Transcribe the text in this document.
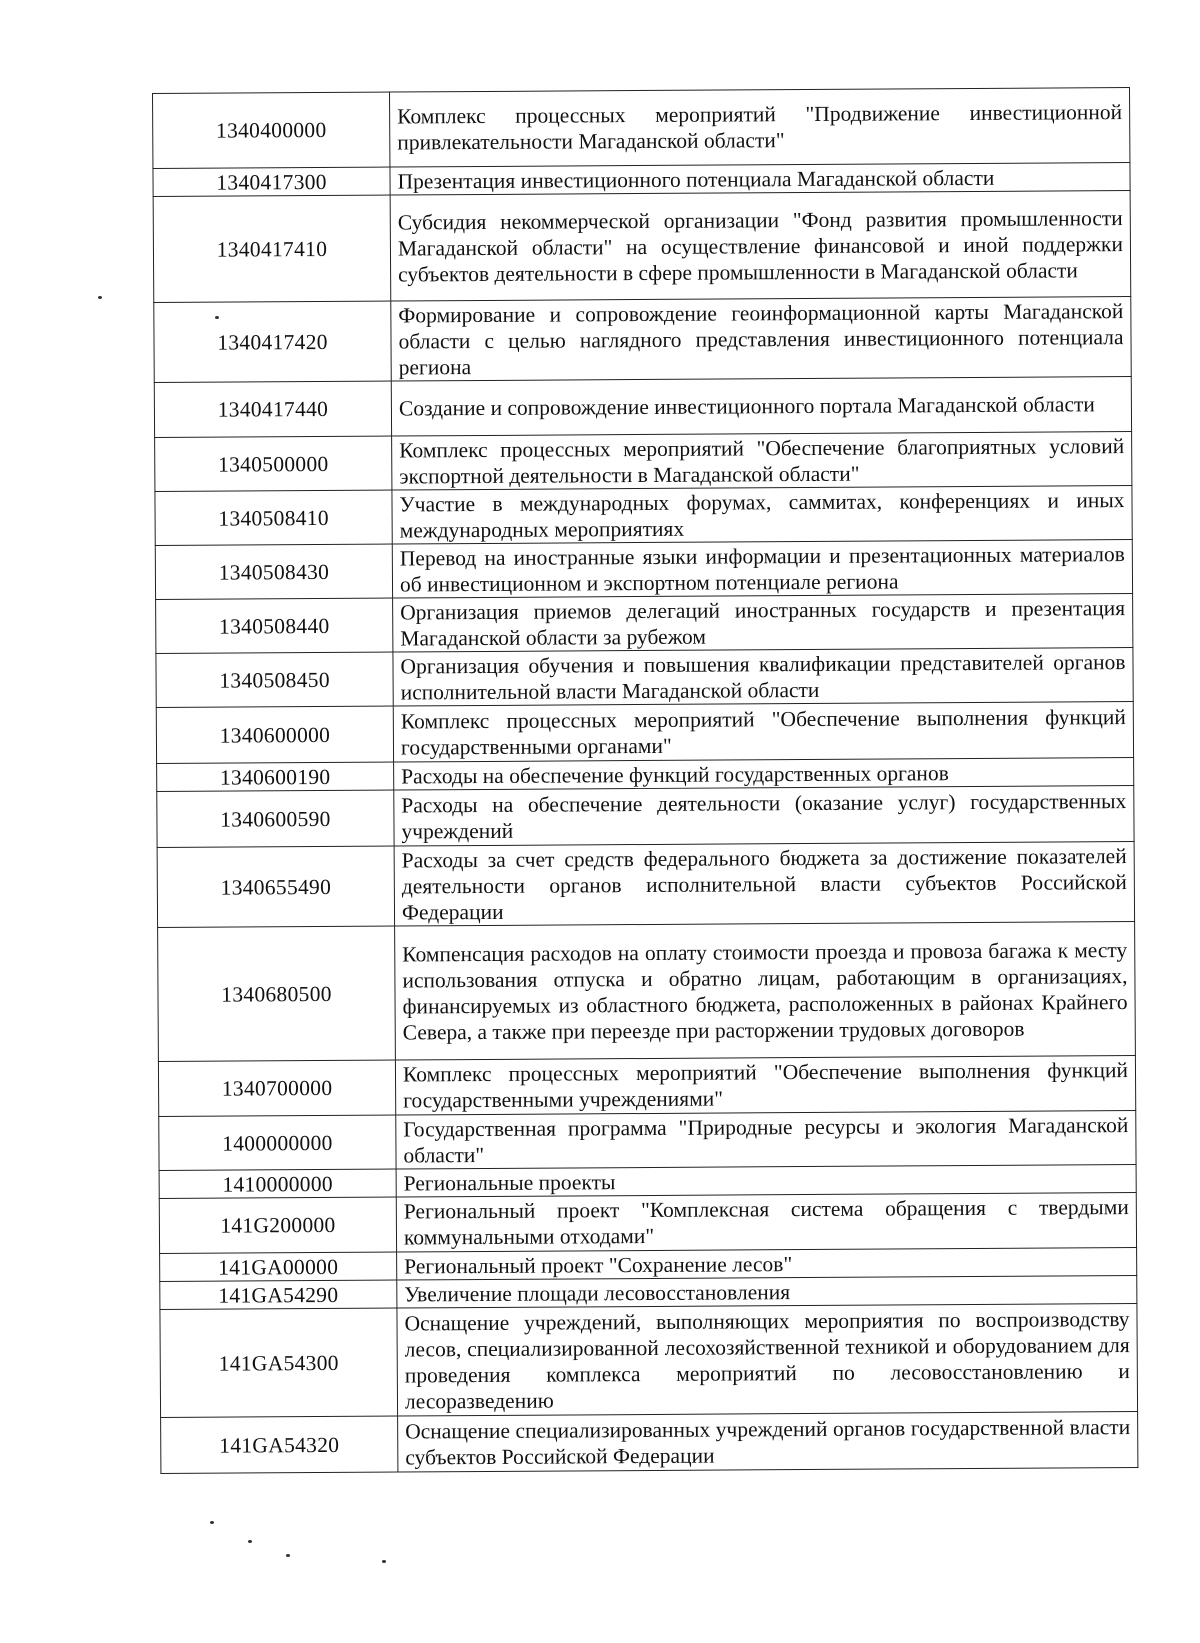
1340400000	Комплекс процессных мероприятий "Продвижение инвестиционной привлекательности Магаданской области"
1340417300	Презентация инвестиционного потенциала Магаданской области
1340417410	Субсидия некоммерческой организации "Фонд развития промышленности Магаданской области" на осуществление финансовой и иной поддержки субъектов деятельности в сфере промышленности в Магаданской области
1340417420	Формирование и сопровождение геоинформационной карты Магаданской области с целью наглядного представления инвестиционного потенциала региона
1340417440	Создание и сопровождение инвестиционного портала Магаданской области
1340500000	Комплекс процессных мероприятий "Обеспечение благоприятных условий экспортной деятельности в Магаданской области"
1340508410	Участие в международных форумах, саммитах, конференциях и иных международных мероприятиях
1340508430	Перевод на иностранные языки информации и презентационных материалов об инвестиционном и экспортном потенциале региона
1340508440	Организация приемов делегаций иностранных государств и презентация Магаданской области за рубежом
1340508450	Организация обучения и повышения квалификации представителей органов исполнительной власти Магаданской области
1340600000	Комплекс процессных мероприятий "Обеспечение выполнения функций государственными органами"
1340600190	Расходы на обеспечение функций государственных органов
1340600590	Расходы на обеспечение деятельности (оказание услуг) государственных учреждений
1340655490	Расходы за счет средств федерального бюджета за достижение показателей деятельности органов исполнительной власти субъектов Российской Федерации
1340680500	Компенсация расходов на оплату стоимости проезда и провоза багажа к месту использования отпуска и обратно лицам, работающим в организациях, финансируемых из областного бюджета, расположенных в районах Крайнего Севера, а также при переезде при расторжении трудовых договоров
1340700000	Комплекс процессных мероприятий "Обеспечение выполнения функций государственными учреждениями"
1400000000	Государственная программа "Природные ресурсы и экология Магаданской области"
1410000000	Региональные проекты
141G200000	Региональный проект "Комплексная система обращения с твердыми коммунальными отходами"
141GA00000	Региональный проект "Сохранение лесов"
141GA54290	Увеличение площади лесовосстановления
141GA54300	Оснащение учреждений, выполняющих мероприятия по воспроизводству лесов, специализированной лесохозяйственной техникой и оборудованием для проведения комплекса мероприятий по лесовосстановлению и лесоразведению
141GA54320	Оснащение специализированных учреждений органов государственной власти субъектов Российской Федерации
